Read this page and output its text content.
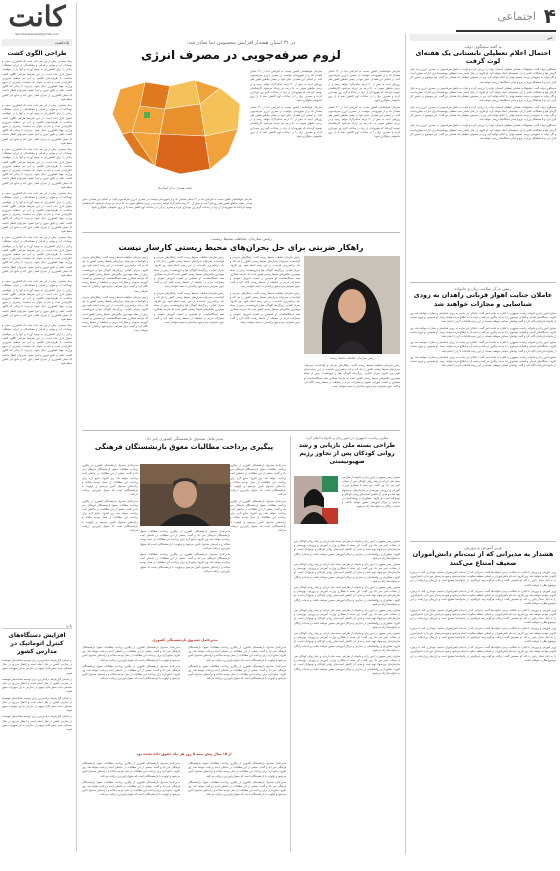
کانت
Sportsclassnews@gmail.com
یادداشت
طراحی الگوی کشت

رضا محمدی: پیش از این هم ثابت شده که کشاورزی سنتی و نوسانات آب و هوایی و کم‌آبی و خشکسالی در ایران، مشکلات زیادی را برای کشاورزان به وجود آورده و آنها را در موقعیتی دشوار قرار داده است. در این شرایط طراحی الگوی کشت متناسب با ظرفیت‌های اقلیمی و آبی هر منطقه ضرورتی انکارناپذیر است و باید به عنوان یک سیاست راهبردی از سوی وزارت جهاد کشاورزی دنبال شود. بی‌تردید تا زمانی که الگوی کشت علمی و دقیق تدوین و اجرا نشود، نمی‌توان انتظار داشت که بخش کشاورزی از بحران فعلی عبور کند و منابع آبی کشور حفظ شود.

رضا محمدی: پیش از این هم ثابت شده که کشاورزی سنتی و نوسانات آب و هوایی و کم‌آبی و خشکسالی در ایران، مشکلات زیادی را برای کشاورزان به وجود آورده و آنها را در موقعیتی دشوار قرار داده است. در این شرایط طراحی الگوی کشت متناسب با ظرفیت‌های اقلیمی و آبی هر منطقه ضرورتی انکارناپذیر است و باید به عنوان یک سیاست راهبردی از سوی وزارت جهاد کشاورزی دنبال شود. بی‌تردید تا زمانی که الگوی کشت علمی و دقیق تدوین و اجرا نشود، نمی‌توان انتظار داشت که بخش کشاورزی از بحران فعلی عبور کند و منابع آبی کشور حفظ شود.

رضا محمدی: پیش از این هم ثابت شده که کشاورزی سنتی و نوسانات آب و هوایی و کم‌آبی و خشکسالی در ایران، مشکلات زیادی را برای کشاورزان به وجود آورده و آنها را در موقعیتی دشوار قرار داده است. در این شرایط طراحی الگوی کشت متناسب با ظرفیت‌های اقلیمی و آبی هر منطقه ضرورتی انکارناپذیر است و باید به عنوان یک سیاست راهبردی از سوی وزارت جهاد کشاورزی دنبال شود. بی‌تردید تا زمانی که الگوی کشت علمی و دقیق تدوین و اجرا نشود، نمی‌توان انتظار داشت که بخش کشاورزی از بحران فعلی عبور کند و منابع آبی کشور حفظ شود.

رضا محمدی: پیش از این هم ثابت شده که کشاورزی سنتی و نوسانات آب و هوایی و کم‌آبی و خشکسالی در ایران، مشکلات زیادی را برای کشاورزان به وجود آورده و آنها را در موقعیتی دشوار قرار داده است. در این شرایط طراحی الگوی کشت متناسب با ظرفیت‌های اقلیمی و آبی هر منطقه ضرورتی انکارناپذیر است و باید به عنوان یک سیاست راهبردی از سوی وزارت جهاد کشاورزی دنبال شود. بی‌تردید تا زمانی که الگوی کشت علمی و دقیق تدوین و اجرا نشود، نمی‌توان انتظار داشت که بخش کشاورزی از بحران فعلی عبور کند و منابع آبی کشور حفظ شود.

رضا محمدی: پیش از این هم ثابت شده که کشاورزی سنتی و نوسانات آب و هوایی و کم‌آبی و خشکسالی در ایران، مشکلات زیادی را برای کشاورزان به وجود آورده و آنها را در موقعیتی دشوار قرار داده است. در این شرایط طراحی الگوی کشت متناسب با ظرفیت‌های اقلیمی و آبی هر منطقه ضرورتی انکارناپذیر است و باید به عنوان یک سیاست راهبردی از سوی وزارت جهاد کشاورزی دنبال شود. بی‌تردید تا زمانی که الگوی کشت علمی و دقیق تدوین و اجرا نشود، نمی‌توان انتظار داشت که بخش کشاورزی از بحران فعلی عبور کند و منابع آبی کشور حفظ شود.

رضا محمدی: پیش از این هم ثابت شده که کشاورزی سنتی و نوسانات آب و هوایی و کم‌آبی و خشکسالی در ایران، مشکلات زیادی را برای کشاورزان به وجود آورده و آنها را در موقعیتی دشوار قرار داده است. در این شرایط طراحی الگوی کشت متناسب با ظرفیت‌های اقلیمی و آبی هر منطقه ضرورتی انکارناپذیر است و باید به عنوان یک سیاست راهبردی از سوی وزارت جهاد کشاورزی دنبال شود. بی‌تردید تا زمانی که الگوی کشت علمی و دقیق تدوین و اجرا نشود، نمی‌توان انتظار داشت که بخش کشاورزی از بحران فعلی عبور کند و منابع آبی کشور حفظ شود.

رضا محمدی: پیش از این هم ثابت شده که کشاورزی سنتی و نوسانات آب و هوایی و کم‌آبی و خشکسالی در ایران، مشکلات زیادی را برای کشاورزان به وجود آورده و آنها را در موقعیتی دشوار قرار داده است. در این شرایط طراحی الگوی کشت متناسب با ظرفیت‌های اقلیمی و آبی هر منطقه ضرورتی انکارناپذیر است و باید به عنوان یک سیاست راهبردی از سوی وزارت جهاد کشاورزی دنبال شود. بی‌تردید تا زمانی که الگوی کشت علمی و دقیق تدوین و اجرا نشود، نمی‌توان انتظار داشت که بخش کشاورزی از بحران فعلی عبور کند و منابع آبی کشور حفظ شود.

پاپ
افزایش دستگاه‌های کنترل اتوماتیک در مدارس کشور

بر اساس گزارش‌ها، برنامه‌ریزی برای توسعه سامانه‌های هوشمند در مدارس کشور در حال انجام است و انتظار می‌رود در سال تحصیلی جدید بخش قابل توجهی از مدارس به این تجهیزات مجهز شوند.

بر اساس گزارش‌ها، برنامه‌ریزی برای توسعه سامانه‌های هوشمند در مدارس کشور در حال انجام است و انتظار می‌رود در سال تحصیلی جدید بخش قابل توجهی از مدارس به این تجهیزات مجهز شوند.

بر اساس گزارش‌ها، برنامه‌ریزی برای توسعه سامانه‌های هوشمند در مدارس کشور در حال انجام است و انتظار می‌رود در سال تحصیلی جدید بخش قابل توجهی از مدارس به این تجهیزات مجهز شوند.

بر اساس گزارش‌ها، برنامه‌ریزی برای توسعه سامانه‌های هوشمند در مدارس کشور در حال انجام است و انتظار می‌رود در سال تحصیلی جدید بخش قابل توجهی از مدارس به این تجهیزات مجهز شوند.

۴
اجتماعی
خبر
به گفته سخنگوی دولت
احتمال اعلام تعطیلی تابستانی یک هفته‌ای
لوث گرفت

سخنگوی دولت گفت: پیشنهادات هفته‌ای تعطیلی تابستان دولت را بررسی کرده و دولت به خاطر صرفه‌جویی در مصرف انرژی و به دلیل گرمای هوا و مشکلات ناشی از آن، تصمیماتی اتخاذ خواهد کرد. او افزود: در حال حاضر بحث تعطیلی پنج‌شنبه‌ها برای ادارات مطرح است و اگر دولت به جمع‌بندی برسد، تصمیم نهایی را اعلام خواهد کرد. وی در خصوص تعطیلی یک هفته‌ای نیز گفت: این موضوع در دستور کار قرار دارد و با هماهنگی وزارت نیرو و سایر دستگاه‌ها بررسی خواهد شد.

سخنگوی دولت گفت: پیشنهادات هفته‌ای تعطیلی تابستان دولت را بررسی کرده و دولت به خاطر صرفه‌جویی در مصرف انرژی و به دلیل گرمای هوا و مشکلات ناشی از آن، تصمیماتی اتخاذ خواهد کرد. او افزود: در حال حاضر بحث تعطیلی پنج‌شنبه‌ها برای ادارات مطرح است و اگر دولت به جمع‌بندی برسد، تصمیم نهایی را اعلام خواهد کرد. وی در خصوص تعطیلی یک هفته‌ای نیز گفت: این موضوع در دستور کار قرار دارد و با هماهنگی وزارت نیرو و سایر دستگاه‌ها بررسی خواهد شد.

سخنگوی دولت گفت: پیشنهادات هفته‌ای تعطیلی تابستان دولت را بررسی کرده و دولت به خاطر صرفه‌جویی در مصرف انرژی و به دلیل گرمای هوا و مشکلات ناشی از آن، تصمیماتی اتخاذ خواهد کرد. او افزود: در حال حاضر بحث تعطیلی پنج‌شنبه‌ها برای ادارات مطرح است و اگر دولت به جمع‌بندی برسد، تصمیم نهایی را اعلام خواهد کرد. وی در خصوص تعطیلی یک هفته‌ای نیز گفت: این موضوع در دستور کار قرار دارد و با هماهنگی وزارت نیرو و سایر دستگاه‌ها بررسی خواهد شد.

سخنگوی دولت گفت: پیشنهادات هفته‌ای تعطیلی تابستان دولت را بررسی کرده و دولت به خاطر صرفه‌جویی در مصرف انرژی و به دلیل گرمای هوا و مشکلات ناشی از آن، تصمیماتی اتخاذ خواهد کرد. او افزود: در حال حاضر بحث تعطیلی پنج‌شنبه‌ها برای ادارات مطرح است و اگر دولت به جمع‌بندی برسد، تصمیم نهایی را اعلام خواهد کرد. وی در خصوص تعطیلی یک هفته‌ای نیز گفت: این موضوع در دستور کار قرار دارد و با هماهنگی وزارت نیرو و سایر دستگاه‌ها بررسی خواهد شد.

رئیس مرکز سلامت زنان و خانواده
عاملان جنایت اهواز قربانی زاهدان به زودی شناسایی و مجازات خواهند شد

معاون امور زنان و خانواده ریاست جمهوری با اشاره به حادثه اخیر گفت: عاملان این جنایت به زودی شناسایی و مجازات خواهند شد. وی افزود: دستگاه‌های امنیتی و قضایی موضوع را با جدیت پیگیری می‌کنند و نتیجه آن به اطلاع مردم خواهد رسید. او همچنین بر لزوم حمایت از خانواده قربانیان تأکید کرد و گفت نهادهای حمایتی موظف هستند در این زمینه اقدامات لازم را انجام دهند.

معاون امور زنان و خانواده ریاست جمهوری با اشاره به حادثه اخیر گفت: عاملان این جنایت به زودی شناسایی و مجازات خواهند شد. وی افزود: دستگاه‌های امنیتی و قضایی موضوع را با جدیت پیگیری می‌کنند و نتیجه آن به اطلاع مردم خواهد رسید. او همچنین بر لزوم حمایت از خانواده قربانیان تأکید کرد و گفت نهادهای حمایتی موظف هستند در این زمینه اقدامات لازم را انجام دهند.

معاون امور زنان و خانواده ریاست جمهوری با اشاره به حادثه اخیر گفت: عاملان این جنایت به زودی شناسایی و مجازات خواهند شد. وی افزود: دستگاه‌های امنیتی و قضایی موضوع را با جدیت پیگیری می‌کنند و نتیجه آن به اطلاع مردم خواهد رسید. او همچنین بر لزوم حمایت از خانواده قربانیان تأکید کرد و گفت نهادهای حمایتی موظف هستند در این زمینه اقدامات لازم را انجام دهند.

معاون امور زنان و خانواده ریاست جمهوری با اشاره به حادثه اخیر گفت: عاملان این جنایت به زودی شناسایی و مجازات خواهند شد. وی افزود: دستگاه‌های امنیتی و قضایی موضوع را با جدیت پیگیری می‌کنند و نتیجه آن به اطلاع مردم خواهد رسید. او همچنین بر لزوم حمایت از خانواده قربانیان تأکید کرد و گفت نهادهای حمایتی موظف هستند در این زمینه اقدامات لازم را انجام دهند.

وزیر آموزش و پرورش
هشدار به مدیرانی که از ثبت‌نام دانش‌آموزان ضعیف امتناع می‌کنند

وزیر آموزش و پرورش با اشاره به شکایت برخی خانواده‌ها گفت: مدیرانی که از ثبت‌نام دانش‌آموزان ضعیف خودداری کنند با برخورد قانونی مواجه خواهند شد. وی افزود: ثبت‌نام دانش‌آموزان بر اساس منطقه سکونت انجام می‌شود و هیچ مدرسه‌ای حق ندارد دانش‌آموزی را به دلیل معدل پایین رد کند. او همچنین گفت دریافت هرگونه وجه غیرقانونی از خانواده‌ها ممنوع است و بازرسان وزارتخانه بر این موضوع نظارت خواهند داشت.

وزیر آموزش و پرورش با اشاره به شکایت برخی خانواده‌ها گفت: مدیرانی که از ثبت‌نام دانش‌آموزان ضعیف خودداری کنند با برخورد قانونی مواجه خواهند شد. وی افزود: ثبت‌نام دانش‌آموزان بر اساس منطقه سکونت انجام می‌شود و هیچ مدرسه‌ای حق ندارد دانش‌آموزی را به دلیل معدل پایین رد کند. او همچنین گفت دریافت هرگونه وجه غیرقانونی از خانواده‌ها ممنوع است و بازرسان وزارتخانه بر این موضوع نظارت خواهند داشت.

وزیر آموزش و پرورش با اشاره به شکایت برخی خانواده‌ها گفت: مدیرانی که از ثبت‌نام دانش‌آموزان ضعیف خودداری کنند با برخورد قانونی مواجه خواهند شد. وی افزود: ثبت‌نام دانش‌آموزان بر اساس منطقه سکونت انجام می‌شود و هیچ مدرسه‌ای حق ندارد دانش‌آموزی را به دلیل معدل پایین رد کند. او همچنین گفت دریافت هرگونه وجه غیرقانونی از خانواده‌ها ممنوع است و بازرسان وزارتخانه بر این موضوع نظارت خواهند داشت.

وزیر آموزش و پرورش با اشاره به شکایت برخی خانواده‌ها گفت: مدیرانی که از ثبت‌نام دانش‌آموزان ضعیف خودداری کنند با برخورد قانونی مواجه خواهند شد. وی افزود: ثبت‌نام دانش‌آموزان بر اساس منطقه سکونت انجام می‌شود و هیچ مدرسه‌ای حق ندارد دانش‌آموزی را به دلیل معدل پایین رد کند. او همچنین گفت دریافت هرگونه وجه غیرقانونی از خانواده‌ها ممنوع است و بازرسان وزارتخانه بر این موضوع نظارت خواهند داشت.

وزیر آموزش و پرورش با اشاره به شکایت برخی خانواده‌ها گفت: مدیرانی که از ثبت‌نام دانش‌آموزان ضعیف خودداری کنند با برخورد قانونی مواجه خواهند شد. وی افزود: ثبت‌نام دانش‌آموزان بر اساس منطقه سکونت انجام می‌شود و هیچ مدرسه‌ای حق ندارد دانش‌آموزی را به دلیل معدل پایین رد کند. او همچنین گفت دریافت هرگونه وجه غیرقانونی از خانواده‌ها ممنوع است و بازرسان وزارتخانه بر این موضوع نظارت خواهند داشت.

در ۳۱ استان هشدار افزایش محسوس دما صادر شد:
لزوم صرفه‌جویی در مصرف انرژی

سازمان هواشناسی کشور نسبت به افزایش دما در ۳۱ استان هشدار داد و از شهروندان خواست در مصرف انرژی صرفه‌جویی کنند. بر اساس این هشدار، دمای هوا در بیشتر مناطق کشور طی روزهای آینده به بیش از ۴۰ درجه سانتی‌گراد خواهد رسید و در برخی مناطق جنوبی به ۵۰ درجه نیز نزدیک می‌شود. کارشناسان توصیه کرده‌اند که شهروندان از تردد در ساعات گرم روز خودداری کرده و مصرف برق را در ساعات اوج کاهش دهند تا از بروز خاموشی جلوگیری شود.

سازمان هواشناسی کشور نسبت به افزایش دما در ۳۱ استان هشدار داد و از شهروندان خواست در مصرف انرژی صرفه‌جویی کنند. بر اساس این هشدار، دمای هوا در بیشتر مناطق کشور طی روزهای آینده به بیش از ۴۰ درجه سانتی‌گراد خواهد رسید و در برخی مناطق جنوبی به ۵۰ درجه نیز نزدیک می‌شود. کارشناسان توصیه کرده‌اند که شهروندان از تردد در ساعات گرم روز خودداری کرده و مصرف برق را در ساعات اوج کاهش دهند تا از بروز خاموشی جلوگیری شود.

سازمان هواشناسی کشور نسبت به افزایش دما در ۳۱ استان هشدار داد و از شهروندان خواست در مصرف انرژی صرفه‌جویی کنند. بر اساس این هشدار، دمای هوا در بیشتر مناطق کشور طی روزهای آینده به بیش از ۴۰ درجه سانتی‌گراد خواهد رسید و در برخی مناطق جنوبی به ۵۰ درجه نیز نزدیک می‌شود. کارشناسان توصیه کرده‌اند که شهروندان از تردد در ساعات گرم روز خودداری کرده و مصرف برق را در ساعات اوج کاهش دهند تا از بروز خاموشی جلوگیری شود.

سازمان هواشناسی کشور نسبت به افزایش دما در ۳۱ استان هشدار داد و از شهروندان خواست در مصرف انرژی صرفه‌جویی کنند. بر اساس این هشدار، دمای هوا در بیشتر مناطق کشور طی روزهای آینده به بیش از ۴۰ درجه سانتی‌گراد خواهد رسید و در برخی مناطق جنوبی به ۵۰ درجه نیز نزدیک می‌شود. کارشناسان توصیه کرده‌اند که شهروندان از تردد در ساعات گرم روز خودداری کرده و مصرف برق را در ساعات اوج کاهش دهند تا از بروز خاموشی جلوگیری شود.

نقشه هشدار دمای استان‌ها

سازمان هواشناسی کشور نسبت به افزایش دما در ۳۱ استان هشدار داد و از شهروندان خواست در مصرف انرژی صرفه‌جویی کنند. بر اساس این هشدار، دمای هوا در بیشتر مناطق کشور طی روزهای آینده به بیش از ۴۰ درجه سانتی‌گراد خواهد رسید و در برخی مناطق جنوبی به ۵۰ درجه نیز نزدیک می‌شود. کارشناسان توصیه کرده‌اند که شهروندان از تردد در ساعات گرم روز خودداری کرده و مصرف برق را در ساعات اوج کاهش دهند تا از بروز خاموشی جلوگیری شود.

رئیس سازمان حفاظت محیط زیست:
راهکار ضربتی برای حل بحران‌های محیط زیستی کارساز نیست
رئیس سازمان حفاظت محیط زیست

رئیس سازمان حفاظت محیط زیست گفت: راهکارهای ضربتی و کوتاه‌مدت نمی‌تواند بحران‌های محیط زیستی کشور را حل کند و باید برنامه‌ریزی بلندمدت در این زمینه انجام شود. وی افزود: بحران کم‌آبی، ریزگردها، آلودگی هوا و فرونشست زمین از جمله مهم‌ترین چالش‌های محیط زیستی کشور است که نیازمند همکاری همه دستگاه‌هاست. او همچنین بر اهمیت آموزش عمومی و مشارکت مردم در حفاظت از محیط زیست تأکید کرد و گفت بدون همراهی مردم هیچ برنامه‌ای به نتیجه نخواهد رسید.

رئیس سازمان حفاظت محیط زیست گفت: راهکارهای ضربتی و کوتاه‌مدت نمی‌تواند بحران‌های محیط زیستی کشور را حل کند و باید برنامه‌ریزی بلندمدت در این زمینه انجام شود. وی افزود: بحران کم‌آبی، ریزگردها، آلودگی هوا و فرونشست زمین از جمله مهم‌ترین چالش‌های محیط زیستی کشور است که نیازمند همکاری همه دستگاه‌هاست. او همچنین بر اهمیت آموزش عمومی و مشارکت مردم در حفاظت از محیط زیست تأکید کرد و گفت بدون همراهی مردم هیچ برنامه‌ای به نتیجه نخواهد رسید.

رئیس سازمان حفاظت محیط زیست گفت: راهکارهای ضربتی و کوتاه‌مدت نمی‌تواند بحران‌های محیط زیستی کشور را حل کند و باید برنامه‌ریزی بلندمدت در این زمینه انجام شود. وی افزود: بحران کم‌آبی، ریزگردها، آلودگی هوا و فرونشست زمین از جمله مهم‌ترین چالش‌های محیط زیستی کشور است که نیازمند همکاری همه دستگاه‌هاست. او همچنین بر اهمیت آموزش عمومی و مشارکت مردم در حفاظت از محیط زیست تأکید کرد و گفت بدون همراهی مردم هیچ برنامه‌ای به نتیجه نخواهد رسید.

رئیس سازمان حفاظت محیط زیست گفت: راهکارهای ضربتی و کوتاه‌مدت نمی‌تواند بحران‌های محیط زیستی کشور را حل کند و باید برنامه‌ریزی بلندمدت در این زمینه انجام شود. وی افزود: بحران کم‌آبی، ریزگردها، آلودگی هوا و فرونشست زمین از جمله مهم‌ترین چالش‌های محیط زیستی کشور است که نیازمند همکاری همه دستگاه‌هاست. او همچنین بر اهمیت آموزش عمومی و مشارکت مردم در حفاظت از محیط زیست تأکید کرد و گفت بدون همراهی مردم هیچ برنامه‌ای به نتیجه نخواهد رسید.

رئیس سازمان حفاظت محیط زیست گفت: راهکارهای ضربتی و کوتاه‌مدت نمی‌تواند بحران‌های محیط زیستی کشور را حل کند و باید برنامه‌ریزی بلندمدت در این زمینه انجام شود. وی افزود: بحران کم‌آبی، ریزگردها، آلودگی هوا و فرونشست زمین از جمله مهم‌ترین چالش‌های محیط زیستی کشور است که نیازمند همکاری همه دستگاه‌هاست. او همچنین بر اهمیت آموزش عمومی و مشارکت مردم در حفاظت از محیط زیست تأکید کرد و گفت بدون همراهی مردم هیچ برنامه‌ای به نتیجه نخواهد رسید.

رئیس سازمان حفاظت محیط زیست گفت: راهکارهای ضربتی و کوتاه‌مدت نمی‌تواند بحران‌های محیط زیستی کشور را حل کند و باید برنامه‌ریزی بلندمدت در این زمینه انجام شود. وی افزود: بحران کم‌آبی، ریزگردها، آلودگی هوا و فرونشست زمین از جمله مهم‌ترین چالش‌های محیط زیستی کشور است که نیازمند همکاری همه دستگاه‌هاست. او همچنین بر اهمیت آموزش عمومی و مشارکت مردم در حفاظت از محیط زیست تأکید کرد و گفت بدون همراهی مردم هیچ برنامه‌ای به نتیجه نخواهد رسید.

رئیس سازمان حفاظت محیط زیست گفت: راهکارهای ضربتی و کوتاه‌مدت نمی‌تواند بحران‌های محیط زیستی کشور را حل کند و باید برنامه‌ریزی بلندمدت در این زمینه انجام شود. وی افزود: بحران کم‌آبی، ریزگردها، آلودگی هوا و فرونشست زمین از جمله مهم‌ترین چالش‌های محیط زیستی کشور است که نیازمند همکاری همه دستگاه‌هاست. او همچنین بر اهمیت آموزش عمومی و مشارکت مردم در حفاظت از محیط زیست تأکید کرد و گفت بدون همراهی مردم هیچ برنامه‌ای به نتیجه نخواهد رسید.

مدیرعامل صندوق بازنشستگی کشوری خبر داد:
پیگیری پرداخت مطالبات معوق بازنشستگان فرهنگی

مدیرعامل صندوق بازنشستگی کشوری از پیگیری پرداخت مطالبات معوق بازنشستگان فرهنگی خبر داد و گفت: بخشی از این مطالبات در ماه‌های آینده پرداخت خواهد شد. وی افزود: منابع لازم برای پرداخت این مطالبات از محل بودجه سالانه و درآمدهای صندوق تأمین می‌شود و اولویت با بازنشستگانی است که حقوق پایین‌تری دریافت می‌کنند.

مدیرعامل صندوق بازنشستگی کشوری از پیگیری پرداخت مطالبات معوق بازنشستگان فرهنگی خبر داد و گفت: بخشی از این مطالبات در ماه‌های آینده پرداخت خواهد شد. وی افزود: منابع لازم برای پرداخت این مطالبات از محل بودجه سالانه و درآمدهای صندوق تأمین می‌شود و اولویت با بازنشستگانی است که حقوق پایین‌تری دریافت می‌کنند.

مدیرعامل صندوق بازنشستگی کشوری از پیگیری پرداخت مطالبات معوق بازنشستگان فرهنگی خبر داد و گفت: بخشی از این مطالبات در ماه‌های آینده پرداخت خواهد شد. وی افزود: منابع لازم برای پرداخت این مطالبات از محل بودجه سالانه و درآمدهای صندوق تأمین می‌شود و اولویت با بازنشستگانی است که حقوق پایین‌تری دریافت می‌کنند.

مدیرعامل صندوق بازنشستگی کشوری از پیگیری پرداخت مطالبات معوق بازنشستگان فرهنگی خبر داد و گفت: بخشی از این مطالبات در ماه‌های آینده پرداخت خواهد شد. وی افزود: منابع لازم برای پرداخت این مطالبات از محل بودجه سالانه و درآمدهای صندوق تأمین می‌شود و اولویت با بازنشستگانی است که حقوق پایین‌تری دریافت می‌کنند. مدیرعامل صندوق بازنشستگی کشوری از پیگیری پرداخت مطالبات معوق بازنشستگان فرهنگی خبر داد و گفت: بخشی از این مطالبات در ماه‌های آینده پرداخت خواهد شد. وی افزود: منابع لازم برای پرداخت این مطالبات از محل بودجه سالانه و درآمدهای صندوق تأمین می‌شود و اولویت با بازنشستگانی است که حقوق پایین‌تری دریافت می‌کنند.

مدیرعامل صندوق بازنشستگی کشوری از پیگیری پرداخت مطالبات معوق بازنشستگان فرهنگی خبر داد و گفت: بخشی از این مطالبات در ماه‌های آینده پرداخت خواهد شد. وی افزود: منابع لازم برای پرداخت این مطالبات از محل بودجه سالانه و درآمدهای صندوق تأمین می‌شود و اولویت با بازنشستگانی است که حقوق پایین‌تری دریافت می‌کنند.

مدیرعامل صندوق بازنشستگی کشوری

مدیرعامل صندوق بازنشستگی کشوری از پیگیری پرداخت مطالبات معوق بازنشستگان فرهنگی خبر داد و گفت: بخشی از این مطالبات در ماه‌های آینده پرداخت خواهد شد. وی افزود: منابع لازم برای پرداخت این مطالبات از محل بودجه سالانه و درآمدهای صندوق تأمین می‌شود و اولویت با بازنشستگانی است که حقوق پایین‌تری دریافت می‌کنند.

مدیرعامل صندوق بازنشستگی کشوری از پیگیری پرداخت مطالبات معوق بازنشستگان فرهنگی خبر داد و گفت: بخشی از این مطالبات در ماه‌های آینده پرداخت خواهد شد. وی افزود: منابع لازم برای پرداخت این مطالبات از محل بودجه سالانه و درآمدهای صندوق تأمین می‌شود و اولویت با بازنشستگانی است که حقوق پایین‌تری دریافت می‌کنند.

مدیرعامل صندوق بازنشستگی کشوری از پیگیری پرداخت مطالبات معوق بازنشستگان فرهنگی خبر داد و گفت: بخشی از این مطالبات در ماه‌های آینده پرداخت خواهد شد. وی افزود: منابع لازم برای پرداخت این مطالبات از محل بودجه سالانه و درآمدهای صندوق تأمین می‌شود و اولویت با بازنشستگانی است که حقوق پایین‌تری دریافت می‌کنند.

مدیرعامل صندوق بازنشستگی کشوری از پیگیری پرداخت مطالبات معوق بازنشستگان فرهنگی خبر داد و گفت: بخشی از این مطالبات در ماه‌های آینده پرداخت خواهد شد. وی افزود: منابع لازم برای پرداخت این مطالبات از محل بودجه سالانه و درآمدهای صندوق تأمین می‌شود و اولویت با بازنشستگانی است که حقوق پایین‌تری دریافت می‌کنند.

از ۱۵ سال پیش نیمه ۵ روز هر ماه حقوق داده نشده بود

مدیرعامل صندوق بازنشستگی کشوری از پیگیری پرداخت مطالبات معوق بازنشستگان فرهنگی خبر داد و گفت: بخشی از این مطالبات در ماه‌های آینده پرداخت خواهد شد. وی افزود: منابع لازم برای پرداخت این مطالبات از محل بودجه سالانه و درآمدهای صندوق تأمین می‌شود و اولویت با بازنشستگانی است که حقوق پایین‌تری دریافت می‌کنند.

مدیرعامل صندوق بازنشستگی کشوری از پیگیری پرداخت مطالبات معوق بازنشستگان فرهنگی خبر داد و گفت: بخشی از این مطالبات در ماه‌های آینده پرداخت خواهد شد. وی افزود: منابع لازم برای پرداخت این مطالبات از محل بودجه سالانه و درآمدهای صندوق تأمین می‌شود و اولویت با بازنشستگانی است که حقوق پایین‌تری دریافت می‌کنند.

مدیرعامل صندوق بازنشستگی کشوری از پیگیری پرداخت مطالبات معوق بازنشستگان فرهنگی خبر داد و گفت: بخشی از این مطالبات در ماه‌های آینده پرداخت خواهد شد. وی افزود: منابع لازم برای پرداخت این مطالبات از محل بودجه سالانه و درآمدهای صندوق تأمین می‌شود و اولویت با بازنشستگانی است که حقوق پایین‌تری دریافت می‌کنند.

مدیرعامل صندوق بازنشستگی کشوری از پیگیری پرداخت مطالبات معوق بازنشستگان فرهنگی خبر داد و گفت: بخشی از این مطالبات در ماه‌های آینده پرداخت خواهد شد. وی افزود: منابع لازم برای پرداخت این مطالبات از محل بودجه سالانه و درآمدهای صندوق تأمین می‌شود و اولویت با بازنشستگانی است که حقوق پایین‌تری دریافت می‌کنند.

معاون ریاست جمهوری در امور زنان و خانواده اعلام کرد:
طراحی بسته ملی بازیابی و رشد روانی کودکان پس از تجاوز رژیم صهیونیستی

معاون رئیس جمهور در امور زنان و خانواده از طراحی بسته ملی بازیابی و رشد روانی کودکان پس از حملات اخیر خبر داد. وی گفت: این بسته با همکاری وزارت آموزش و پرورش، بهزیستی و سازمان‌های مردم‌نهاد تهیه شده و هدف آن کاهش آسیب‌های روانی کودکان و نوجوانان است. او افزود: مشاوران و روانشناسان در مدارس و مراکز آموزشی حضور خواهند داشت و خدمات رایگان به خانواده‌ها ارائه می‌شود.

معاون رئیس جمهور در امور زنان و خانواده از طراحی بسته ملی بازیابی و رشد روانی کودکان پس از حملات اخیر خبر داد. وی گفت: این بسته با همکاری وزارت آموزش و پرورش، بهزیستی و سازمان‌های مردم‌نهاد تهیه شده و هدف آن کاهش آسیب‌های روانی کودکان و نوجوانان است. او افزود: مشاوران و روانشناسان در مدارس و مراکز آموزشی حضور خواهند داشت و خدمات رایگان به خانواده‌ها ارائه می‌شود.

معاون رئیس جمهور در امور زنان و خانواده از طراحی بسته ملی بازیابی و رشد روانی کودکان پس از حملات اخیر خبر داد. وی گفت: این بسته با همکاری وزارت آموزش و پرورش، بهزیستی و سازمان‌های مردم‌نهاد تهیه شده و هدف آن کاهش آسیب‌های روانی کودکان و نوجوانان است. او افزود: مشاوران و روانشناسان در مدارس و مراکز آموزشی حضور خواهند داشت و خدمات رایگان به خانواده‌ها ارائه می‌شود.

معاون رئیس جمهور در امور زنان و خانواده از طراحی بسته ملی بازیابی و رشد روانی کودکان پس از حملات اخیر خبر داد. وی گفت: این بسته با همکاری وزارت آموزش و پرورش، بهزیستی و سازمان‌های مردم‌نهاد تهیه شده و هدف آن کاهش آسیب‌های روانی کودکان و نوجوانان است. او افزود: مشاوران و روانشناسان در مدارس و مراکز آموزشی حضور خواهند داشت و خدمات رایگان به خانواده‌ها ارائه می‌شود.

معاون رئیس جمهور در امور زنان و خانواده از طراحی بسته ملی بازیابی و رشد روانی کودکان پس از حملات اخیر خبر داد. وی گفت: این بسته با همکاری وزارت آموزش و پرورش، بهزیستی و سازمان‌های مردم‌نهاد تهیه شده و هدف آن کاهش آسیب‌های روانی کودکان و نوجوانان است. او افزود: مشاوران و روانشناسان در مدارس و مراکز آموزشی حضور خواهند داشت و خدمات رایگان به خانواده‌ها ارائه می‌شود.

معاون رئیس جمهور در امور زنان و خانواده از طراحی بسته ملی بازیابی و رشد روانی کودکان پس از حملات اخیر خبر داد. وی گفت: این بسته با همکاری وزارت آموزش و پرورش، بهزیستی و سازمان‌های مردم‌نهاد تهیه شده و هدف آن کاهش آسیب‌های روانی کودکان و نوجوانان است. او افزود: مشاوران و روانشناسان در مدارس و مراکز آموزشی حضور خواهند داشت و خدمات رایگان به خانواده‌ها ارائه می‌شود.

معاون رئیس جمهور در امور زنان و خانواده از طراحی بسته ملی بازیابی و رشد روانی کودکان پس از حملات اخیر خبر داد. وی گفت: این بسته با همکاری وزارت آموزش و پرورش، بهزیستی و سازمان‌های مردم‌نهاد تهیه شده و هدف آن کاهش آسیب‌های روانی کودکان و نوجوانان است. او افزود: مشاوران و روانشناسان در مدارس و مراکز آموزشی حضور خواهند داشت و خدمات رایگان به خانواده‌ها ارائه می‌شود.
